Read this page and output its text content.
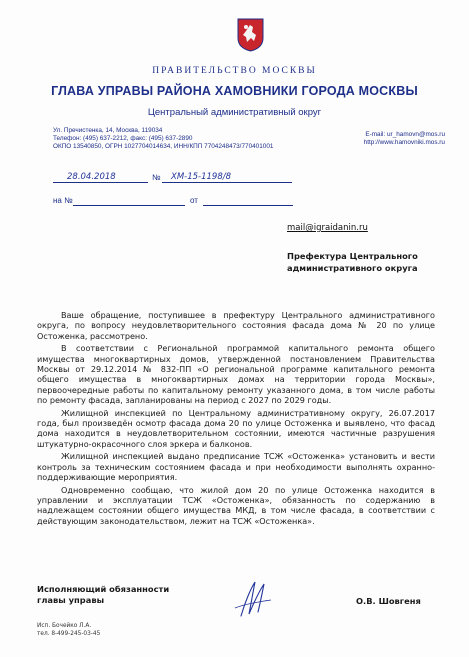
ПРАВИТЕЛЬСТВО МОСКВЫ
ГЛАВА УПРАВЫ РАЙОНА ХАМОВНИКИ ГОРОДА МОСКВЫ
Центральный административный округ
Ул. Пречистенка, 14, Москва, 119034
Телефон: (495) 637-2212, факс: (495) 637-2890
ОКПО 13540850, ОГРН 1027704014634, ИНН/КПП 7704248473/770401001
E-mail: ur_hamovn@mos.ru
http://www.hamovniki.mos.ru
28.04.2018	№ ХМ-15-1198/8
на №	от
mail@igraidanin.ru
Префектура Центрального административного округа

Ваше обращение, поступившее в префектуру Центрального административного округа, по вопросу неудовлетворительного состояния фасада дома № 20 по улице Остоженка, рассмотрено.

В соответствии с Региональной программой капитального ремонта общего имущества многоквартирных домов, утвержденной постановлением Правительства Москвы от 29.12.2014 № 832-ПП «О региональной программе капитального ремонта общего имущества в многоквартирных домах на территории города Москвы», первоочередные работы по капитальному ремонту указанного дома, в том числе работы по ремонту фасада, запланированы на период с 2027 по 2029 годы.

Жилищной инспекцией по Центральному административному округу, 26.07.2017 года, был произведён осмотр фасада дома 20 по улице Остоженка и выявлено, что фасад дома находится в неудовлетворительном состоянии, имеются частичные разрушения штукатурно-окрасочного слоя эркера и балконов.

Жилищной инспекцией выдано предписание ТСЖ «Остоженка» установить и вести контроль за техническим состоянием фасада и при необходимости выполнять охранно-поддерживающие мероприятия.

Одновременно сообщаю, что жилой дом 20 по улице Остоженка находится в управлении и эксплуатации ТСЖ «Остоженка», обязанность по содержанию в надлежащем состоянии общего имущества МКД, в том числе фасада, в соответствии с действующим законодательством, лежит на ТСЖ «Остоженка».

Исполняющий обязанности
главы управы	О.В. Шовгеня
Исп. Бочейко Л.А.
тел. 8-499-245-03-45
